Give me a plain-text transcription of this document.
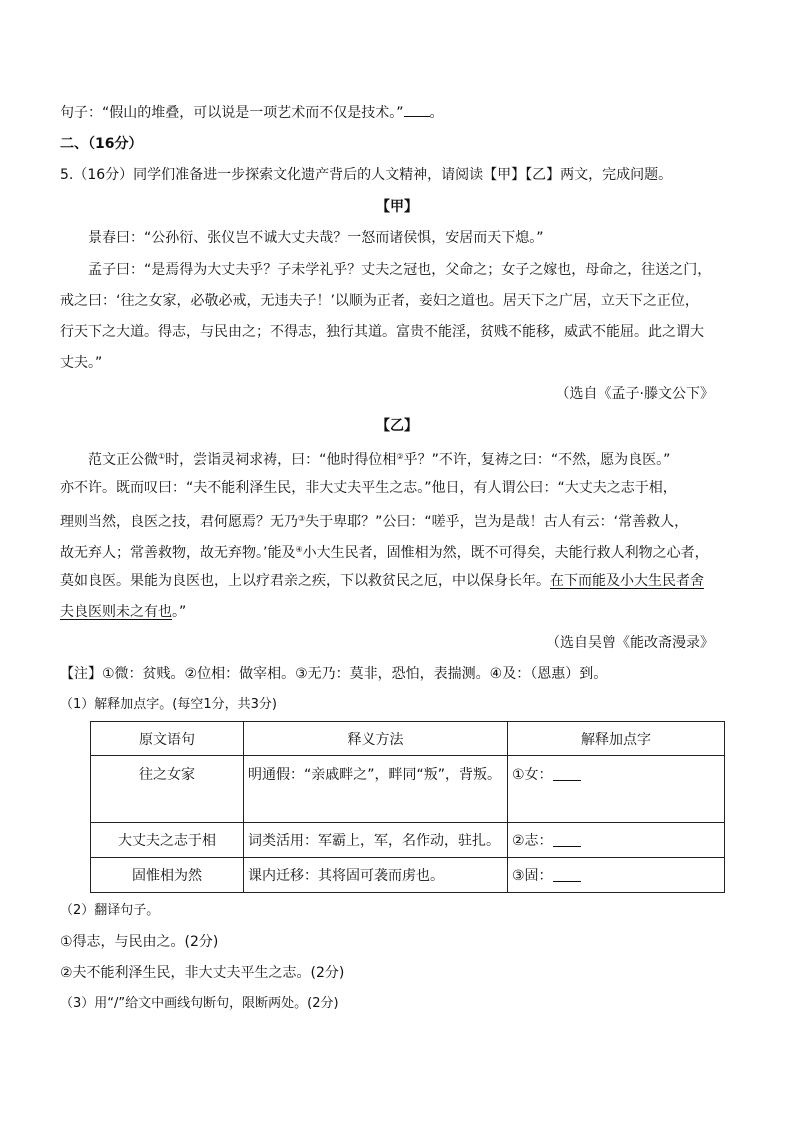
句子：“假山的堆叠，可以说是一项艺术而不仅是技术。” 。
二、（16分）
5.（16分）同学们准备进一步探索文化遗产背后的人文精神，请阅读【甲】【乙】两文，完成问题。
【甲】
景春曰：“公孙衍、张仪岂不诚大丈夫哉？一怒而诸侯惧，安居而天下熄。”
孟子曰：“是焉得为大丈夫乎？子未学礼乎？丈夫之冠也，父命之；女子之嫁也，母命之，往送之门，
戒之曰：‘往之女家，必敬必戒，无违夫子！’以顺为正者，妾妇之道也。居天下之广居，立天下之正位，
行天下之大道。得志，与民由之；不得志，独行其道。富贵不能淫，贫贱不能移，威武不能屈。此之谓大
丈夫。”
（选自《孟子·滕文公下》
【乙】
范文正公微①时，尝诣灵祠求祷，曰：“他时得位相②乎？”不许，复祷之曰：“不然，愿为良医。”
亦不许。既而叹曰：“夫不能利泽生民，非大丈夫平生之志。”他日，有人谓公曰：“大丈夫之志于相，
理则当然，良医之技，君何愿焉？无乃③失于卑耶？”公曰：“嗟乎，岂为是哉！古人有云：‘常善救人，
故无弃人；常善救物，故无弃物。’能及④小大生民者，固惟相为然，既不可得矣，夫能行救人利物之心者，
莫如良医。果能为良医也，上以疗君亲之疾，下以救贫民之厄，中以保身长年。在下而能及小大生民者舍
夫良医则未之有也。”
（选自吴曾《能改斋漫录》
【注】①微：贫贱。②位相：做宰相。③无乃：莫非，恐怕，表揣测。④及：（恩惠）到。
（1）解释加点字。(每空1分，共3分)
原文语句	释义方法	解释加点字
往之女家	明通假：“亲戚畔之”，畔同“叛”，背叛。	①女：
大丈夫之志于相	词类活用：军霸上，军，名作动，驻扎。	②志：
固惟相为然	课内迁移：其将固可袭而虏也。	③固：
（2）翻译句子。
①得志，与民由之。(2分)
②夫不能利泽生民，非大丈夫平生之志。(2分)
（3）用“/”给文中画线句断句，限断两处。(2分)
